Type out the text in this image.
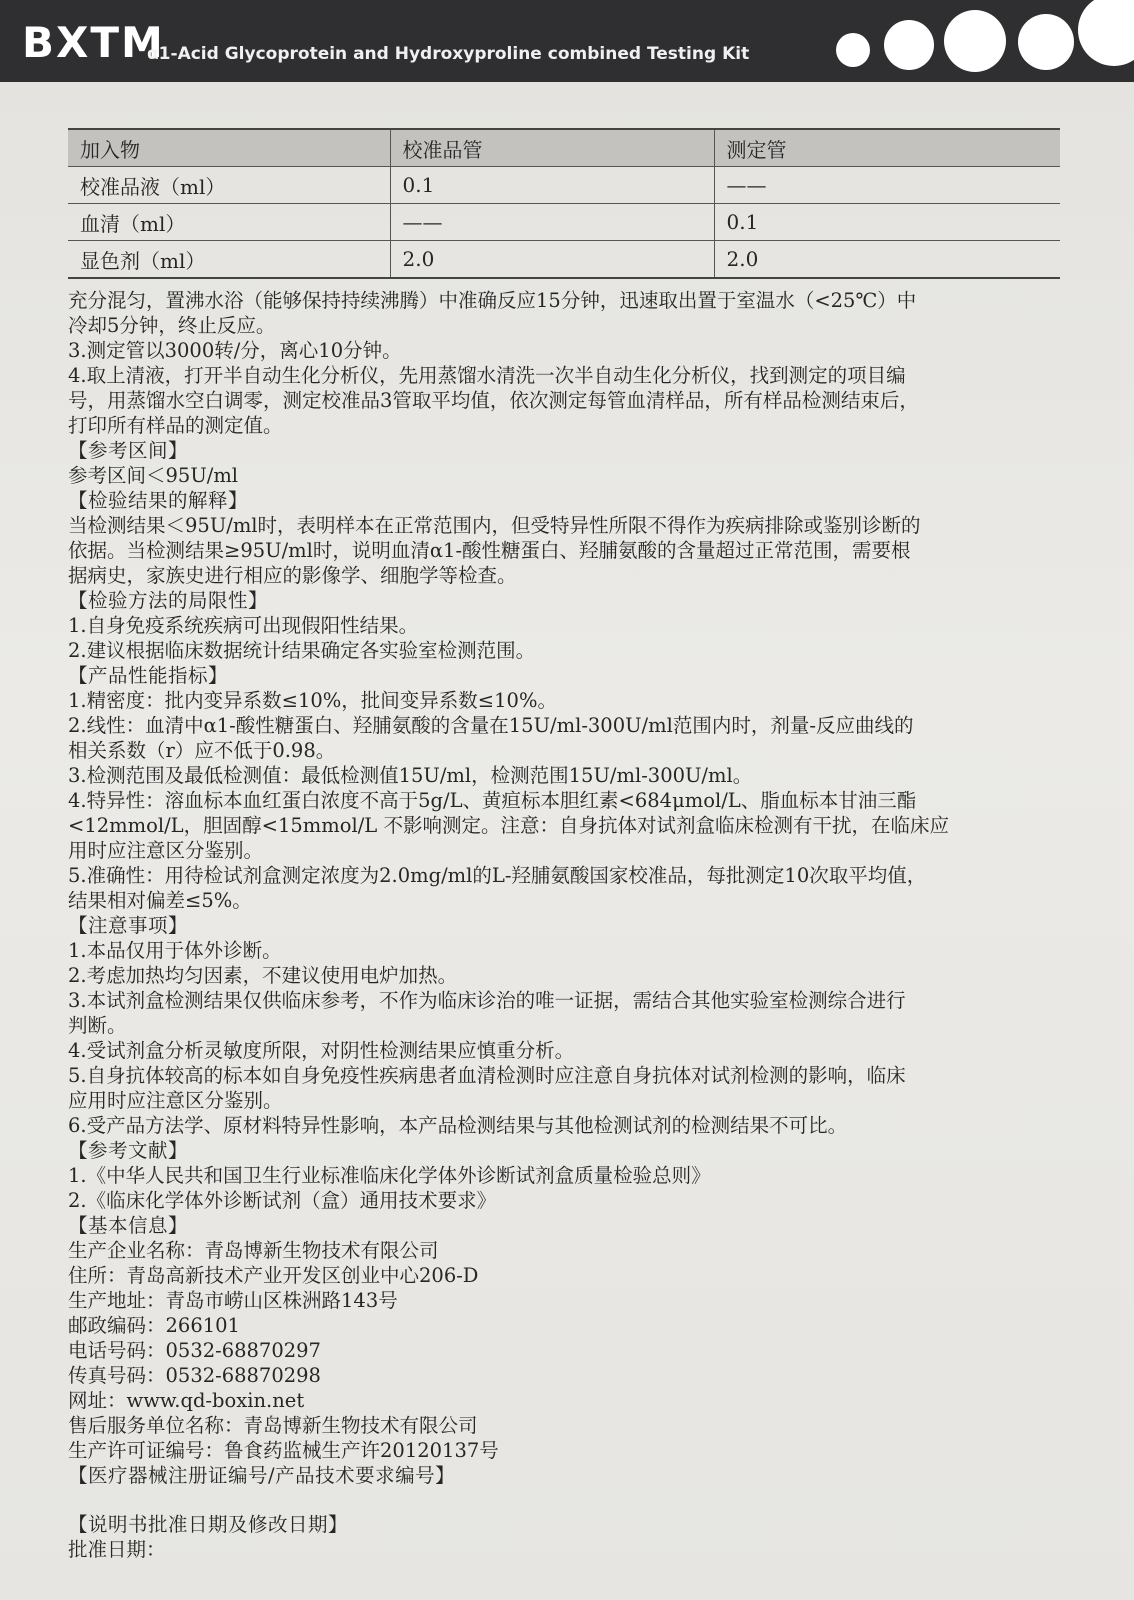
BXTM
α1-Acid Glycoprotein and Hydroxyproline combined Testing Kit
加入物	校准品管	测定管
校准品液（ml）	0.1	——
血清（ml）	——	0.1
显色剂（ml）	2.0	2.0

充分混匀，置沸水浴（能够保持持续沸腾）中准确反应15分钟，迅速取出置于室温水（<25℃）中

冷却5分钟，终止反应。

3.测定管以3000转/分，离心10分钟。

4.取上清液，打开半自动生化分析仪，先用蒸馏水清洗一次半自动生化分析仪，找到测定的项目编

号，用蒸馏水空白调零，测定校准品3管取平均值，依次测定每管血清样品，所有样品检测结束后，

打印所有样品的测定值。

【参考区间】

参考区间＜95U/ml

【检验结果的解释】

当检测结果＜95U/ml时，表明样本在正常范围内，但受特异性所限不得作为疾病排除或鉴别诊断的

依据。当检测结果≥95U/ml时，说明血清α1-酸性糖蛋白、羟脯氨酸的含量超过正常范围，需要根

据病史，家族史进行相应的影像学、细胞学等检查。

【检验方法的局限性】

1.自身免疫系统疾病可出现假阳性结果。

2.建议根据临床数据统计结果确定各实验室检测范围。

【产品性能指标】

1.精密度：批内变异系数≤10%，批间变异系数≤10%。

2.线性：血清中α1-酸性糖蛋白、羟脯氨酸的含量在15U/ml-300U/ml范围内时，剂量-反应曲线的

相关系数（r）应不低于0.98。

3.检测范围及最低检测值：最低检测值15U/ml，检测范围15U/ml-300U/ml。

4.特异性：溶血标本血红蛋白浓度不高于5g/L、黄疸标本胆红素<684μmol/L、脂血标本甘油三酯

<12mmol/L，胆固醇<15mmol/L 不影响测定。注意：自身抗体对试剂盒临床检测有干扰，在临床应

用时应注意区分鉴别。

5.准确性：用待检试剂盒测定浓度为2.0mg/ml的L-羟脯氨酸国家校准品，每批测定10次取平均值，

结果相对偏差≤5%。

【注意事项】

1.本品仅用于体外诊断。

2.考虑加热均匀因素，不建议使用电炉加热。

3.本试剂盒检测结果仅供临床参考，不作为临床诊治的唯一证据，需结合其他实验室检测综合进行

判断。

4.受试剂盒分析灵敏度所限，对阴性检测结果应慎重分析。

5.自身抗体较高的标本如自身免疫性疾病患者血清检测时应注意自身抗体对试剂检测的影响，临床

应用时应注意区分鉴别。

6.受产品方法学、原材料特异性影响，本产品检测结果与其他检测试剂的检测结果不可比。

【参考文献】

1.《中华人民共和国卫生行业标准临床化学体外诊断试剂盒质量检验总则》

2.《临床化学体外诊断试剂（盒）通用技术要求》

【基本信息】

生产企业名称：青岛博新生物技术有限公司

住所：青岛高新技术产业开发区创业中心206-D

生产地址：青岛市崂山区株洲路143号

邮政编码：266101

电话号码：0532-68870297

传真号码：0532-68870298

网址：www.qd-boxin.net

售后服务单位名称：青岛博新生物技术有限公司

生产许可证编号：鲁食药监械生产许20120137号

【医疗器械注册证编号/产品技术要求编号】

【说明书批准日期及修改日期】

批准日期：
